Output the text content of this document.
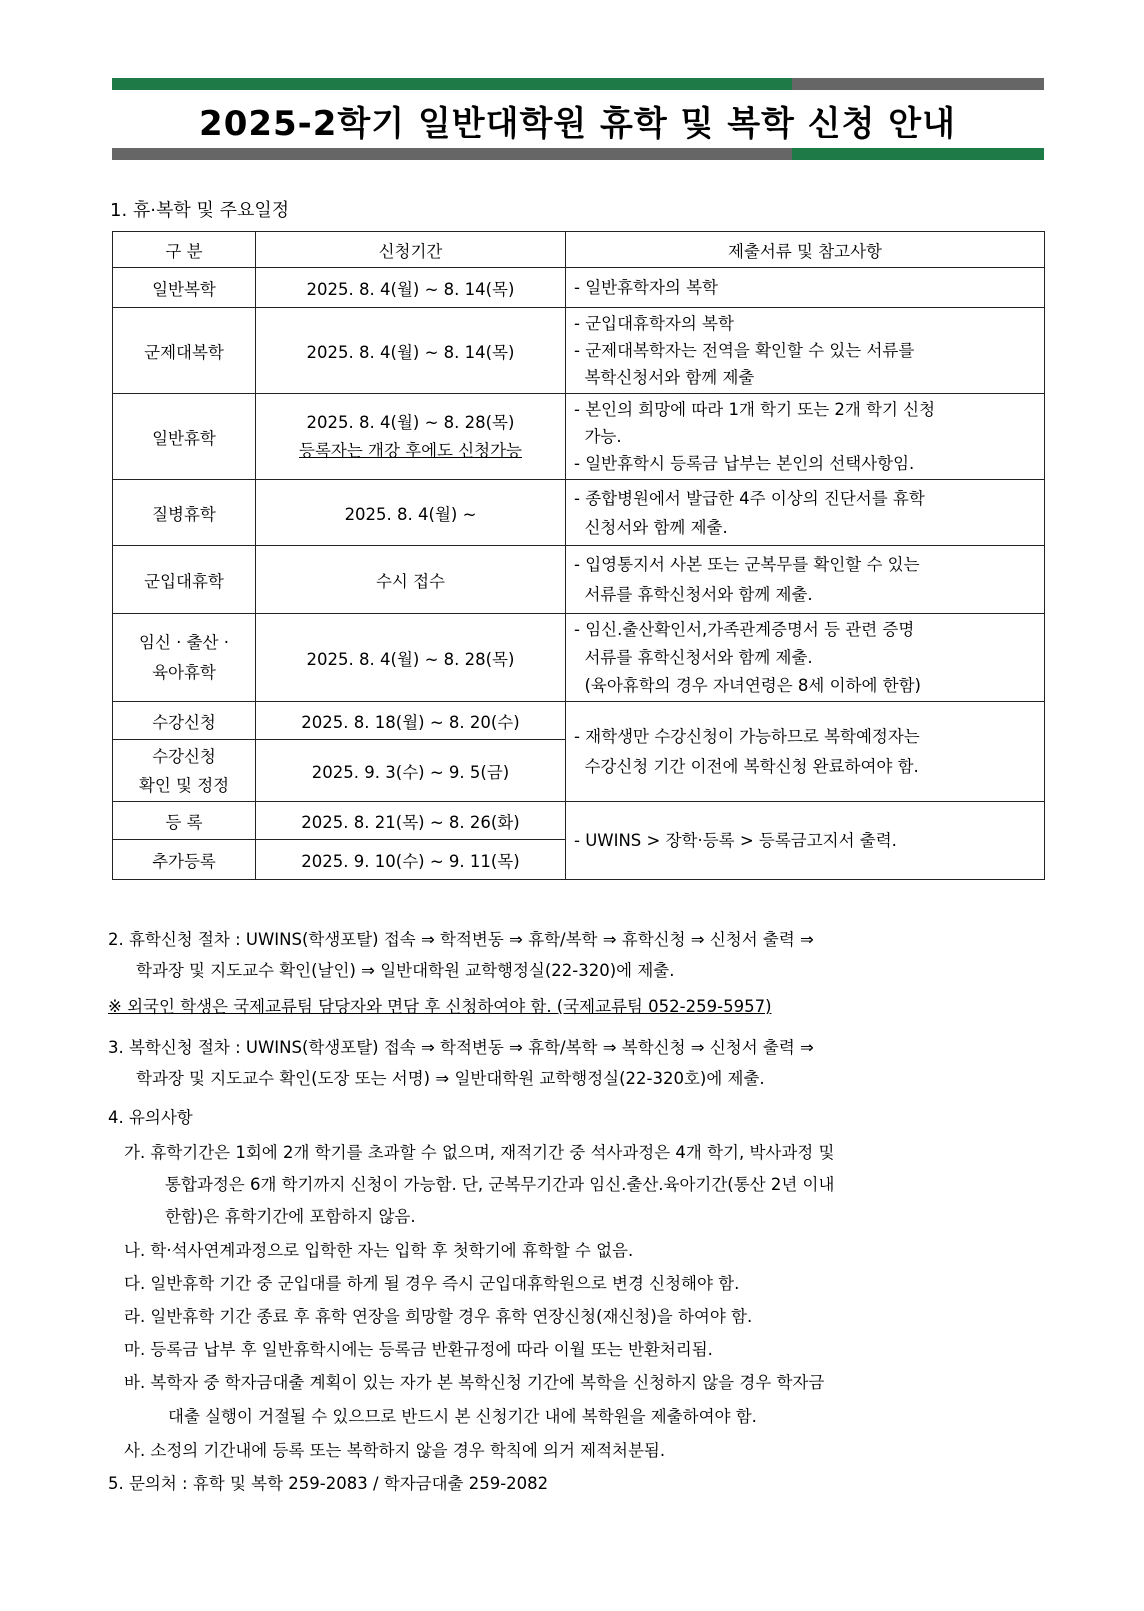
2025-2학기 일반대학원 휴학 및 복학 신청 안내
1. 휴·복학 및 주요일정
구 분	신청기간	제출서류 및 참고사항
일반복학	2025. 8. 4(월) ~ 8. 14(목)	- 일반휴학자의 복학

군제대복학	2025. 8. 4(월) ~ 8. 14(목)	- 군입대휴학자의 복학
- 군제대복학자는 전역을 확인할 수 있는 서류를
복학신청서와 함께 제출

일반휴학	2025. 8. 4(월) ~ 8. 28(목)
등록자는 개강 후에도 신청가능	- 본인의 희망에 따라 1개 학기 또는 2개 학기 신청
가능.
- 일반휴학시 등록금 납부는 본인의 선택사항임.

질병휴학	2025. 8. 4(월) ~	- 종합병원에서 발급한 4주 이상의 진단서를 휴학
신청서와 함께 제출.

군입대휴학	수시 접수	- 입영통지서 사본 또는 군복무를 확인할 수 있는
서류를 휴학신청서와 함께 제출.

임신 · 출산 ·
육아휴학	2025. 8. 4(월) ~ 8. 28(목)	- 임신.출산확인서,가족관계증명서 등 관련 증명
서류를 휴학신청서와 함께 제출.
(육아휴학의 경우 자녀연령은 8세 이하에 한함)

수강신청	2025. 8. 18(월) ~ 8. 20(수)	- 재학생만 수강신청이 가능하므로 복학예정자는
수강신청 기간 이전에 복학신청 완료하여야 함.

수강신청
확인 및 정정	2025. 9. 3(수) ~ 9. 5(금)	
등 록	2025. 8. 21(목) ~ 8. 26(화)	- UWINS > 장학·등록 > 등록금고지서 출력.

추가등록	2025. 9. 10(수) ~ 9. 11(목)	
2. 휴학신청 절차 : UWINS(학생포탈) 접속 ⇒ 학적변동 ⇒ 휴학/복학 ⇒ 휴학신청 ⇒ 신청서 출력 ⇒
학과장 및 지도교수 확인(날인) ⇒ 일반대학원 교학행정실(22-320)에 제출.
※ 외국인 학생은 국제교류팀 담당자와 면담 후 신청하여야 함. (국제교류팀 052-259-5957)
3. 복학신청 절차 : UWINS(학생포탈) 접속 ⇒ 학적변동 ⇒ 휴학/복학 ⇒ 복학신청 ⇒ 신청서 출력 ⇒
학과장 및 지도교수 확인(도장 또는 서명) ⇒ 일반대학원 교학행정실(22-320호)에 제출.
4. 유의사항
가. 휴학기간은 1회에 2개 학기를 초과할 수 없으며, 재적기간 중 석사과정은 4개 학기, 박사과정 및
통합과정은 6개 학기까지 신청이 가능함. 단, 군복무기간과 임신.출산.육아기간(통산 2년 이내
한함)은 휴학기간에 포함하지 않음.
나. 학·석사연계과정으로 입학한 자는 입학 후 첫학기에 휴학할 수 없음.
다. 일반휴학 기간 중 군입대를 하게 될 경우 즉시 군입대휴학원으로 변경 신청해야 함.
라. 일반휴학 기간 종료 후 휴학 연장을 희망할 경우 휴학 연장신청(재신청)을 하여야 함.
마. 등록금 납부 후 일반휴학시에는 등록금 반환규정에 따라 이월 또는 반환처리됨.
바. 복학자 중 학자금대출 계획이 있는 자가 본 복학신청 기간에 복학을 신청하지 않을 경우 학자금
대출 실행이 거절될 수 있으므로 반드시 본 신청기간 내에 복학원을 제출하여야 함.
사. 소정의 기간내에 등록 또는 복학하지 않을 경우 학칙에 의거 제적처분됨.
5. 문의처 : 휴학 및 복학 259-2083 / 학자금대출 259-2082
